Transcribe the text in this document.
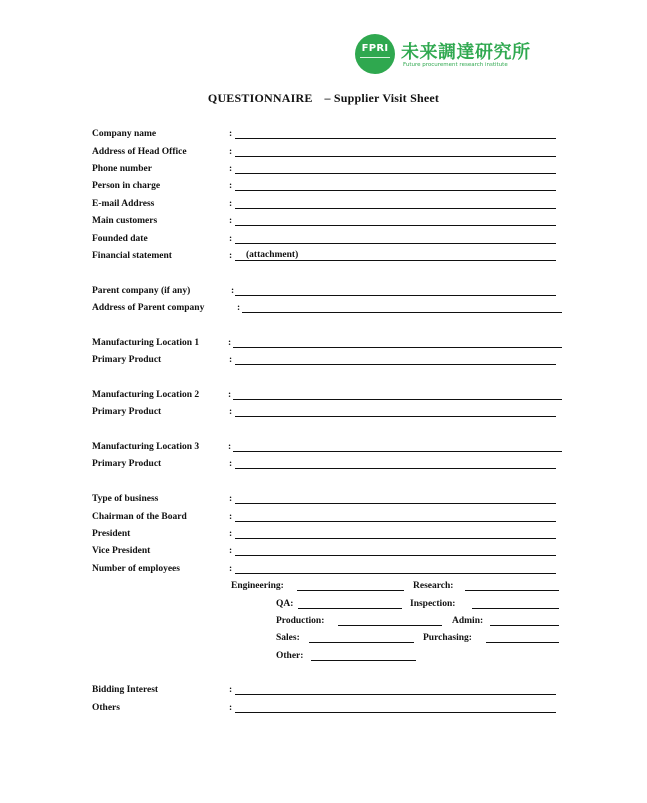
FPRI 未来調達研究所
Future procurement research institute
QUESTIONNAIRE – Supplier Visit Sheet
Company name	:
Address of Head Office	:
Phone number	:
Person in charge	:
E-mail Address	:
Main customers	:
Founded date	:
Financial statement	: (attachment)
Parent company (if any)	:
Address of Parent company	:
Manufacturing Location 1	:
Primary Product	:
Manufacturing Location 2	:
Primary Product	:
Manufacturing Location 3	:
Primary Product	:
Type of business	:
Chairman of the Board	:
President	:
Vice President	:
Number of employees	:
Engineering:	Research:
QA:	Inspection:
Production:	Admin:
Sales:	Purchasing:
Other:
Bidding Interest	:
Others	:
